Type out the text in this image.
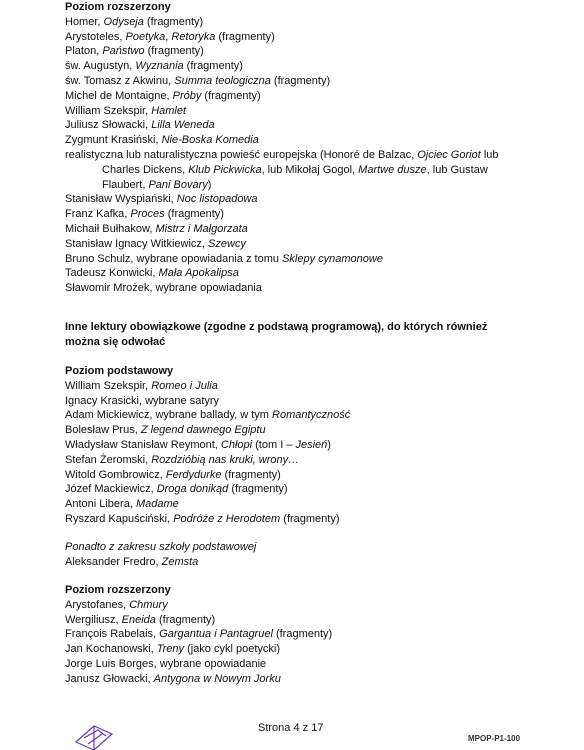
Poziom rozszerzony
Homer, Odyseja (fragmenty)
Arystoteles, Poetyka, Retoryka (fragmenty)
Platon, Państwo (fragmenty)
św. Augustyn, Wyznania (fragmenty)
św. Tomasz z Akwinu, Summa teologiczna (fragmenty)
Michel de Montaigne, Próby (fragmenty)
William Szekspir, Hamlet
Juliusz Słowacki, Lilla Weneda
Zygmunt Krasiński, Nie-Boska Komedia
realistyczna lub naturalistyczna powieść europejska (Honoré de Balzac, Ojciec Goriot lub
Charles Dickens, Klub Pickwicka, lub Mikołaj Gogol, Martwe dusze, lub Gustaw
Flaubert, Pani Bovary)
Stanisław Wyspiański, Noc listopadowa
Franz Kafka, Proces (fragmenty)
Michaił Bułhakow, Mistrz i Małgorzata
Stanisław Ignacy Witkiewicz, Szewcy
Bruno Schulz, wybrane opowiadania z tomu Sklepy cynamonowe
Tadeusz Konwicki, Mała Apokalipsa
Sławomir Mrożek, wybrane opowiadania
Inne lektury obowiązkowe (zgodne z podstawą programową), do których również
można się odwołać
Poziom podstawowy
William Szekspir, Romeo i Julia
Ignacy Krasicki, wybrane satyry
Adam Mickiewicz, wybrane ballady, w tym Romantyczność
Bolesław Prus, Z legend dawnego Egiptu
Władysław Stanisław Reymont, Chłopi (tom I – Jesień)
Stefan Żeromski, Rozdzióbią nas kruki, wrony…
Witold Gombrowicz, Ferdydurke (fragmenty)
Józef Mackiewicz, Droga donikąd (fragmenty)
Antoni Libera, Madame
Ryszard Kapuściński, Podróże z Herodotem (fragmenty)
Ponadto z zakresu szkoły podstawowej
Aleksander Fredro, Zemsta
Poziom rozszerzony
Arystofanes, Chmury
Wergiliusz, Eneida (fragmenty)
François Rabelais, Gargantua i Pantagruel (fragmenty)
Jan Kochanowski, Treny (jako cykl poetycki)
Jorge Luis Borges, wybrane opowiadanie
Janusz Głowacki, Antygona w Nowym Jorku
Strona 4 z 17
MPOP-P1-100
